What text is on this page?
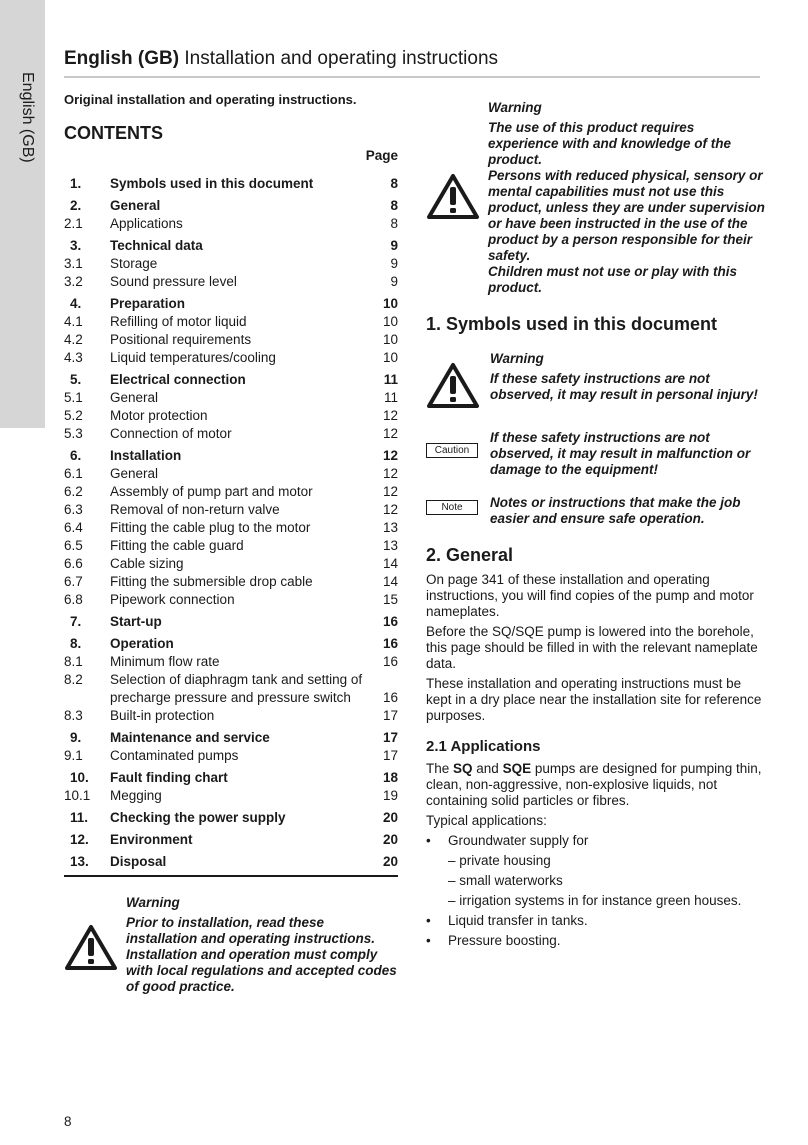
English (GB)
English (GB) Installation and operating instructions

Original installation and operating instructions.

CONTENTS
Page
1.	Symbols used in this document	8
2.	General	8
2.1	Applications	8
3.	Technical data	9
3.1	Storage	9
3.2	Sound pressure level	9
4.	Preparation	10
4.1	Refilling of motor liquid	10
4.2	Positional requirements	10
4.3	Liquid temperatures/cooling	10
5.	Electrical connection	11
5.1	General	11
5.2	Motor protection	12
5.3	Connection of motor	12
6.	Installation	12
6.1	General	12
6.2	Assembly of pump part and motor	12
6.3	Removal of non-return valve	12
6.4	Fitting the cable plug to the motor	13
6.5	Fitting the cable guard	13
6.6	Cable sizing	14
6.7	Fitting the submersible drop cable	14
6.8	Pipework connection	15
7.	Start-up	16
8.	Operation	16
8.1	Minimum flow rate	16
8.2	Selection of diaphragm tank and setting of precharge pressure and pressure switch	16
8.3	Built-in protection	17
9.	Maintenance and service	17
9.1	Contaminated pumps	17
10.	Fault finding chart	18
10.1	Megging	19
11.	Checking the power supply	20
12.	Environment	20
13.	Disposal	20
Warning
Prior to installation, read these installation and operating instructions. Installation and operation must comply with local regulations and accepted codes of good practice.
Warning
The use of this product requires experience with and knowledge of the product.
Persons with reduced physical, sensory or mental capabilities must not use this product, unless they are under supervision or have been instructed in the use of the product by a person responsible for their safety.
Children must not use or play with this product.
1. Symbols used in this document
Warning
If these safety instructions are not observed, it may result in personal injury!
Caution
If these safety instructions are not observed, it may result in malfunction or damage to the equipment!
Note	Notes or instructions that make the job easier and ensure safe operation.
2. General

On page 341 of these installation and operating instructions, you will find copies of the pump and motor nameplates.

Before the SQ/SQE pump is lowered into the borehole, this page should be filled in with the relevant nameplate data.

These installation and operating instructions must be kept in a dry place near the installation site for reference purposes.

2.1 Applications

The SQ and SQE pumps are designed for pumping thin, clean, non-aggressive, non-explosive liquids, not containing solid particles or fibres.

Typical applications:

•	Groundwater supply for
– private housing
– small waterworks
– irrigation systems in for instance green houses.
•	Liquid transfer in tanks.
•	Pressure boosting.
8
